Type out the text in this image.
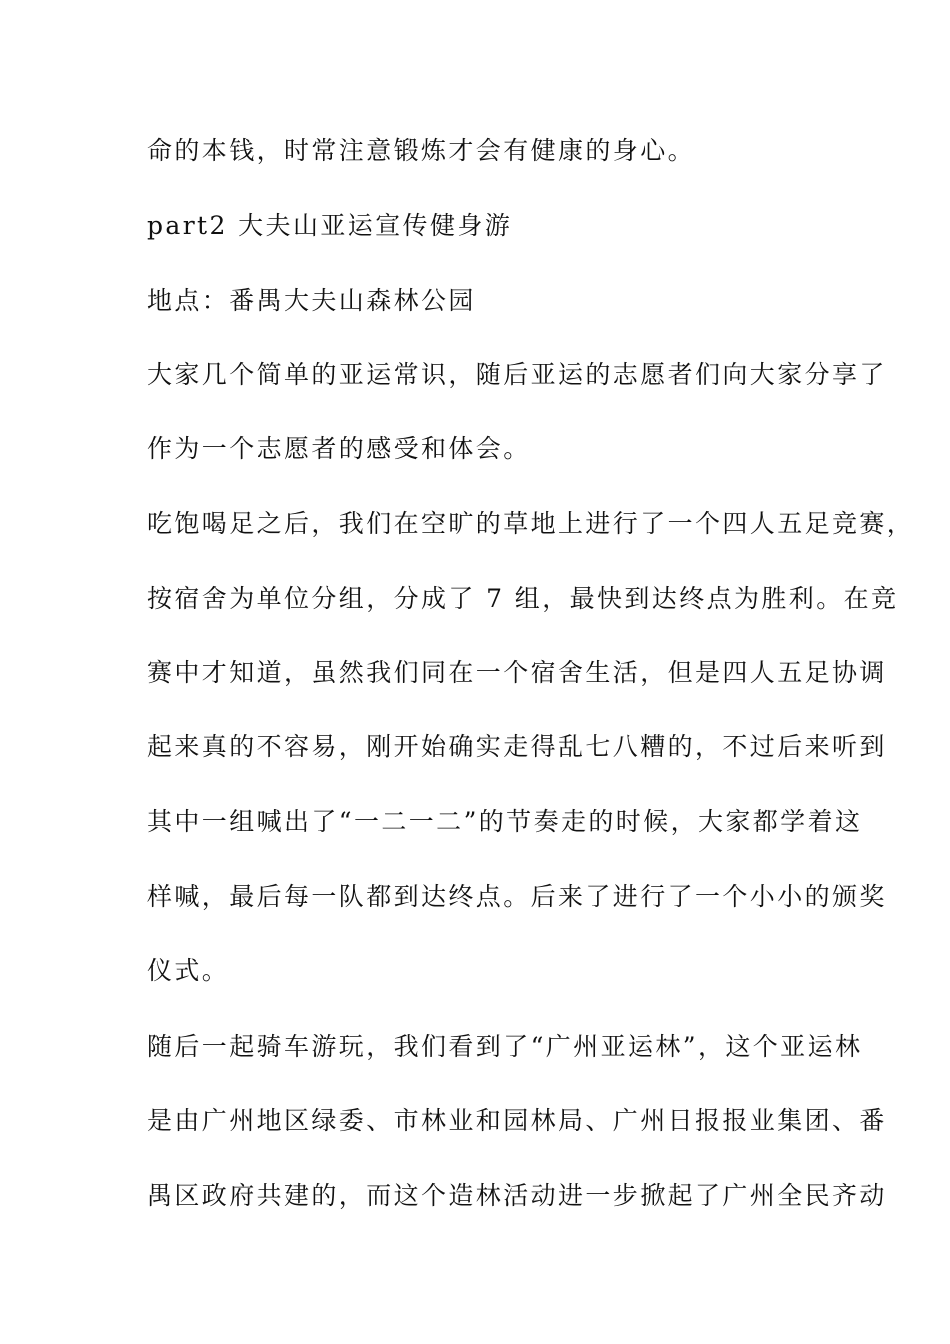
命的本钱，时常注意锻炼才会有健康的身心。
part2 大夫山亚运宣传健身游
地点：番禺大夫山森林公园
大家几个简单的亚运常识，随后亚运的志愿者们向大家分享了
作为一个志愿者的感受和体会。
吃饱喝足之后，我们在空旷的草地上进行了一个四人五足竞赛，
按宿舍为单位分组，分成了 7 组，最快到达终点为胜利。在竞
赛中才知道，虽然我们同在一个宿舍生活，但是四人五足协调
起来真的不容易，刚开始确实走得乱七八糟的，不过后来听到
其中一组喊出了“一二一二”的节奏走的时候，大家都学着这
样喊，最后每一队都到达终点。后来了进行了一个小小的颁奖
仪式。
随后一起骑车游玩，我们看到了“广州亚运林”，这个亚运林
是由广州地区绿委、市林业和园林局、广州日报报业集团、番
禺区政府共建的，而这个造林活动进一步掀起了广州全民齐动
